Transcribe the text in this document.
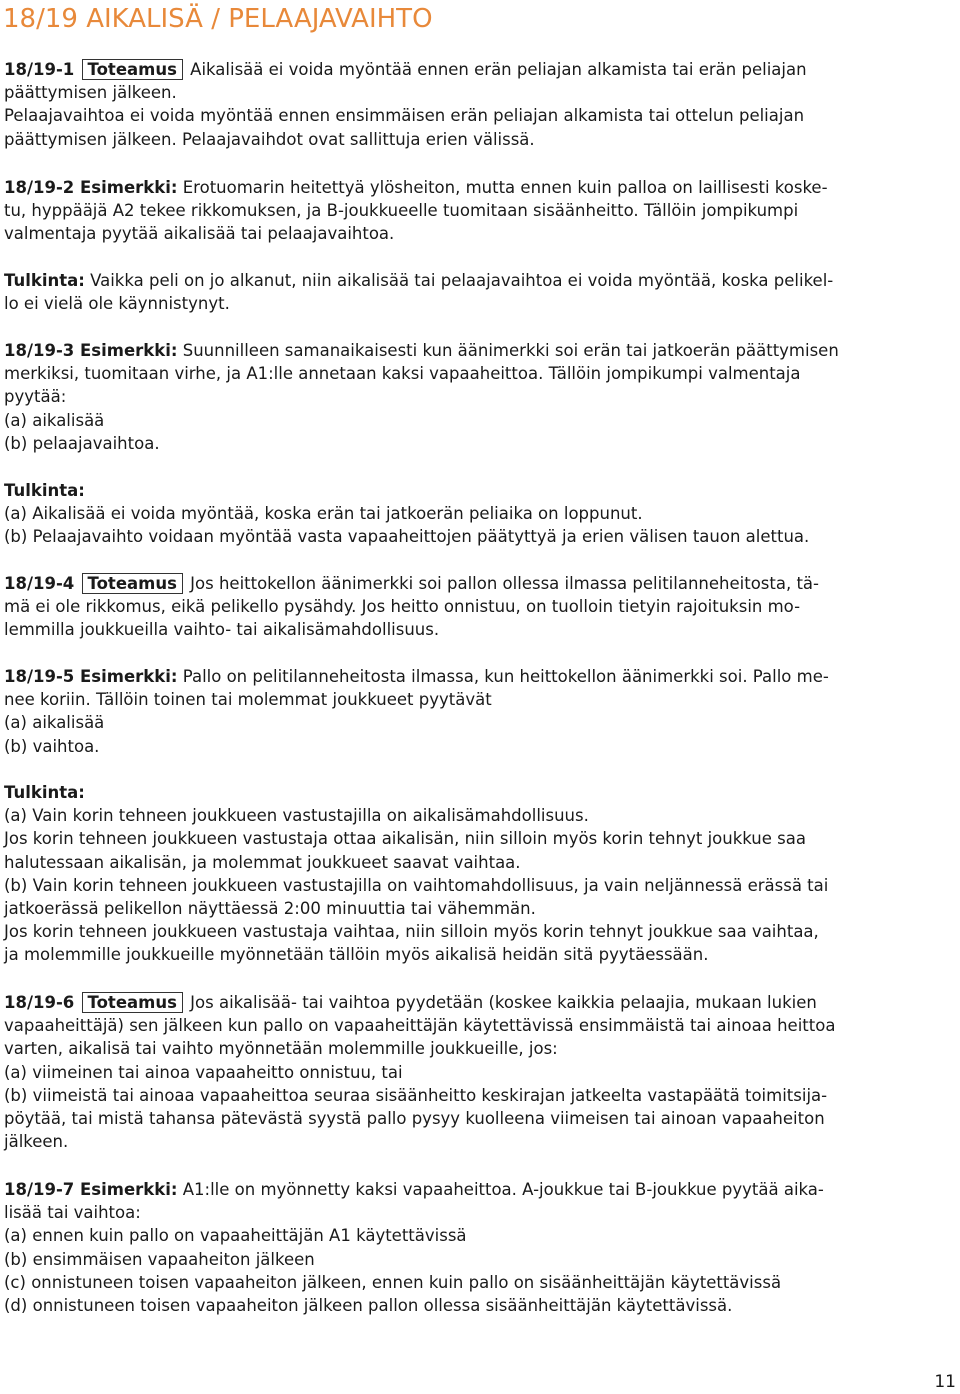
18/19 AIKALISÄ / PELAAJAVAIHTO
18/19-1 Toteamus Aikalisää ei voida myöntää ennen erän peliajan alkamista tai erän peliajan
päättymisen jälkeen.
Pelaajavaihtoa ei voida myöntää ennen ensimmäisen erän peliajan alkamista tai ottelun peliajan
päättymisen jälkeen. Pelaajavaihdot ovat sallittuja erien välissä.
18/19-2 Esimerkki: Erotuomarin heitettyä ylösheiton, mutta ennen kuin palloa on laillisesti koske-
tu, hyppääjä A2 tekee rikkomuksen, ja B-joukkueelle tuomitaan sisäänheitto. Tällöin jompikumpi
valmentaja pyytää aikalisää tai pelaajavaihtoa.
Tulkinta: Vaikka peli on jo alkanut, niin aikalisää tai pelaajavaihtoa ei voida myöntää, koska pelikel-
lo ei vielä ole käynnistynyt.
18/19-3 Esimerkki: Suunnilleen samanaikaisesti kun äänimerkki soi erän tai jatkoerän päättymisen
merkiksi, tuomitaan virhe, ja A1:lle annetaan kaksi vapaaheittoa. Tällöin jompikumpi valmentaja
pyytää:
(a) aikalisää
(b) pelaajavaihtoa.
Tulkinta:
(a) Aikalisää ei voida myöntää, koska erän tai jatkoerän peliaika on loppunut.
(b) Pelaajavaihto voidaan myöntää vasta vapaaheittojen päätyttyä ja erien välisen tauon alettua.
18/19-4 Toteamus Jos heittokellon äänimerkki soi pallon ollessa ilmassa pelitilanneheitosta, tä-
mä ei ole rikkomus, eikä pelikello pysähdy. Jos heitto onnistuu, on tuolloin tietyin rajoituksin mo-
lemmilla joukkueilla vaihto- tai aikalisämahdollisuus.
18/19-5 Esimerkki: Pallo on pelitilanneheitosta ilmassa, kun heittokellon äänimerkki soi. Pallo me-
nee koriin. Tällöin toinen tai molemmat joukkueet pyytävät
(a) aikalisää
(b) vaihtoa.
Tulkinta:
(a) Vain korin tehneen joukkueen vastustajilla on aikalisämahdollisuus.
Jos korin tehneen joukkueen vastustaja ottaa aikalisän, niin silloin myös korin tehnyt joukkue saa
halutessaan aikalisän, ja molemmat joukkueet saavat vaihtaa.
(b) Vain korin tehneen joukkueen vastustajilla on vaihtomahdollisuus, ja vain neljännessä erässä tai
jatkoerässä pelikellon näyttäessä 2:00 minuuttia tai vähemmän.
Jos korin tehneen joukkueen vastustaja vaihtaa, niin silloin myös korin tehnyt joukkue saa vaihtaa,
ja molemmille joukkueille myönnetään tällöin myös aikalisä heidän sitä pyytäessään.
18/19-6 Toteamus Jos aikalisää- tai vaihtoa pyydetään (koskee kaikkia pelaajia, mukaan lukien
vapaaheittäjä) sen jälkeen kun pallo on vapaaheittäjän käytettävissä ensimmäistä tai ainoaa heittoa
varten, aikalisä tai vaihto myönnetään molemmille joukkueille, jos:
(a) viimeinen tai ainoa vapaaheitto onnistuu, tai
(b) viimeistä tai ainoaa vapaaheittoa seuraa sisäänheitto keskirajan jatkeelta vastapäätä toimitsija-
pöytää, tai mistä tahansa pätevästä syystä pallo pysyy kuolleena viimeisen tai ainoan vapaaheiton
jälkeen.
18/19-7 Esimerkki: A1:lle on myönnetty kaksi vapaaheittoa. A-joukkue tai B-joukkue pyytää aika-
lisää tai vaihtoa:
(a) ennen kuin pallo on vapaaheittäjän A1 käytettävissä
(b) ensimmäisen vapaaheiton jälkeen
(c) onnistuneen toisen vapaaheiton jälkeen, ennen kuin pallo on sisäänheittäjän käytettävissä
(d) onnistuneen toisen vapaaheiton jälkeen pallon ollessa sisäänheittäjän käytettävissä.
11
